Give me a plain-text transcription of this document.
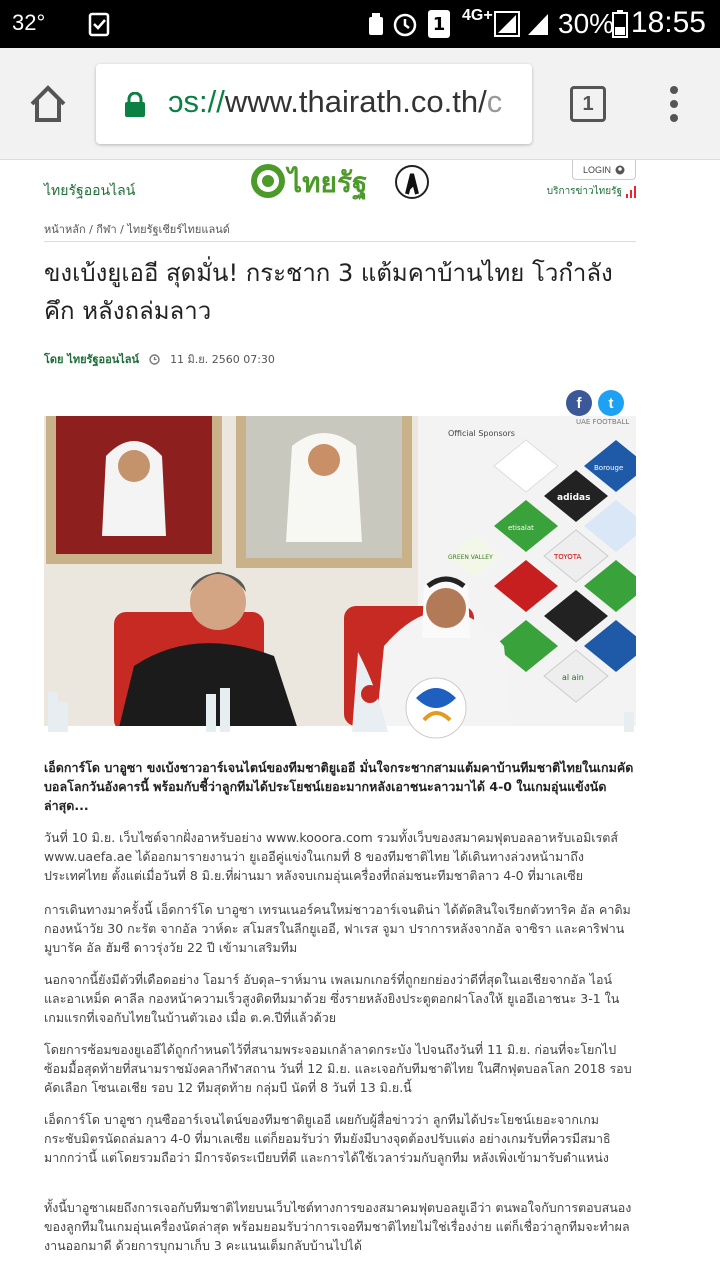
32°	1 4G+ 30% 18:55
ɔs://www.thairath.co.th/c	1
ไทยรัฐออนไลน์	ไทยรัฐ	LOGIN
บริการข่าวไทยรัฐ
หน้าหลัก / กีฬา / ไทยรัฐเชียร์ไทยแลนด์
ขงเบ้งยูเออี สุดมั่น! กระชาก 3 แต้มคาบ้านไทย โวกำลังคึก หลังถล่มลาว
โดย ไทยรัฐออนไลน์	11 มิ.ย. 2560 07:30
f	t
Official Sponsors
UAE FOOTBALL
adidas
etisalat
TOYOTA
Borouge
al ain
GREEN VALLEY

เอ็ดการ์โด บาอูซา ขงเบ้งชาวอาร์เจนไตน์ของทีมชาติยูเออี มั่นใจกระชากสามแต้มคาบ้านทีมชาติไทยในเกมคัดบอลโลกวันอังคารนี้ พร้อมกับชี้ว่าลูกทีมได้ประโยชน์เยอะมากหลังเอาชนะลาวมาได้ 4-0 ในเกมอุ่นแข้งนัดล่าสุด...

วันที่ 10 มิ.ย. เว็บไซต์จากฝั่งอาหรับอย่าง www.kooora.com รวมทั้งเว็บของสมาคมฟุตบอลอาหรับเอมิเรตส์ www.uaefa.ae ได้ออกมารายงานว่า ยูเออีคู่แข่งในเกมที่ 8 ของทีมชาติไทย ได้เดินทางล่วงหน้ามาถึงประเทศไทย ตั้งแต่เมื่อวันที่ 8 มิ.ย.ที่ผ่านมา หลังจบเกมอุ่นเครื่องที่ถล่มชนะทีมชาติลาว 4-0 ที่มาเลเซีย

การเดินทางมาครั้งนี้ เอ็ดการ์โด บาอูซา เทรนเนอร์คนใหม่ชาวอาร์เจนติน่า ได้ตัดสินใจเรียกตัวทาริค อัล คาดิม กองหน้าวัย 30 กะรัต จากอัล วาห์ดะ สโมสรในลีกยูเออี, ฟาเรส จูมา ปราการหลังจากอัล จาซิรา และคาริฟาน มูบารัค อัล ฮัมซี ดาวรุ่งวัย 22 ปี เข้ามาเสริมทีม

นอกจากนี้ยังมีตัวที่เดือดอย่าง โอมาร์ อับดุล–ราห์มาน เพลเมกเกอร์ที่ถูกยกย่องว่าดีที่สุดในเอเชียจากอัล ไอน์ และอาเหม็ด คาลีล กองหน้าความเร็วสูงติดทีมมาด้วย ซึ่งรายหลังยิงประตูตอกฝาโลงให้ ยูเออีเอาชนะ 3-1 ในเกมแรกที่เจอกับไทยในบ้านตัวเอง เมื่อ ต.ค.ปีที่แล้วด้วย

โดยการซ้อมของยูเออีได้ถูกกำหนดไว้ที่สนามพระจอมเกล้าลาดกระบัง ไปจนถึงวันที่ 11 มิ.ย. ก่อนที่จะโยกไปซ้อมมื้อสุดท้ายที่สนามราชมังคลากีฬาสถาน วันที่ 12 มิ.ย. และเจอกับทีมชาติไทย ในศึกฟุตบอลโลก 2018 รอบคัดเลือก โซนเอเชีย รอบ 12 ทีมสุดท้าย กลุ่มบี นัดที่ 8 วันที่ 13 มิ.ย.นี้

เอ็ดการ์โด บาอูซา กุนซืออาร์เจนไตน์ของทีมชาติยูเออี เผยกับผู้สื่อข่าวว่า ลูกทีมได้ประโยชน์เยอะจากเกมกระชับมิตรนัดถล่มลาว 4-0 ที่มาเลเซีย แต่ก็ยอมรับว่า ทีมยังมีบางจุดต้องปรับแต่ง อย่างเกมรับที่ควรมีสมาธิมากกว่านี้ แต่โดยรวมถือว่า มีการจัดระเบียบที่ดี และการได้ใช้เวลาร่วมกับลูกทีม หลังเพิ่งเข้ามารับตำแหน่ง

ทั้งนี้บาอูซาเผยถึงการเจอกับทีมชาติไทยบนเว็บไซต์ทางการของสมาคมฟุตบอลยูเอีว่า ตนพอใจกับการตอบสนองของลูกทีมในเกมอุ่นเครื่องนัดล่าสุด พร้อมยอมรับว่าการเจอทีมชาติไทยไม่ใช่เรื่องง่าย แต่ก็เชื่อว่าลูกทีมจะทำผลงานออกมาดี ด้วยการบุกมาเก็บ 3 คะแนนเต็มกลับบ้านไปได้
